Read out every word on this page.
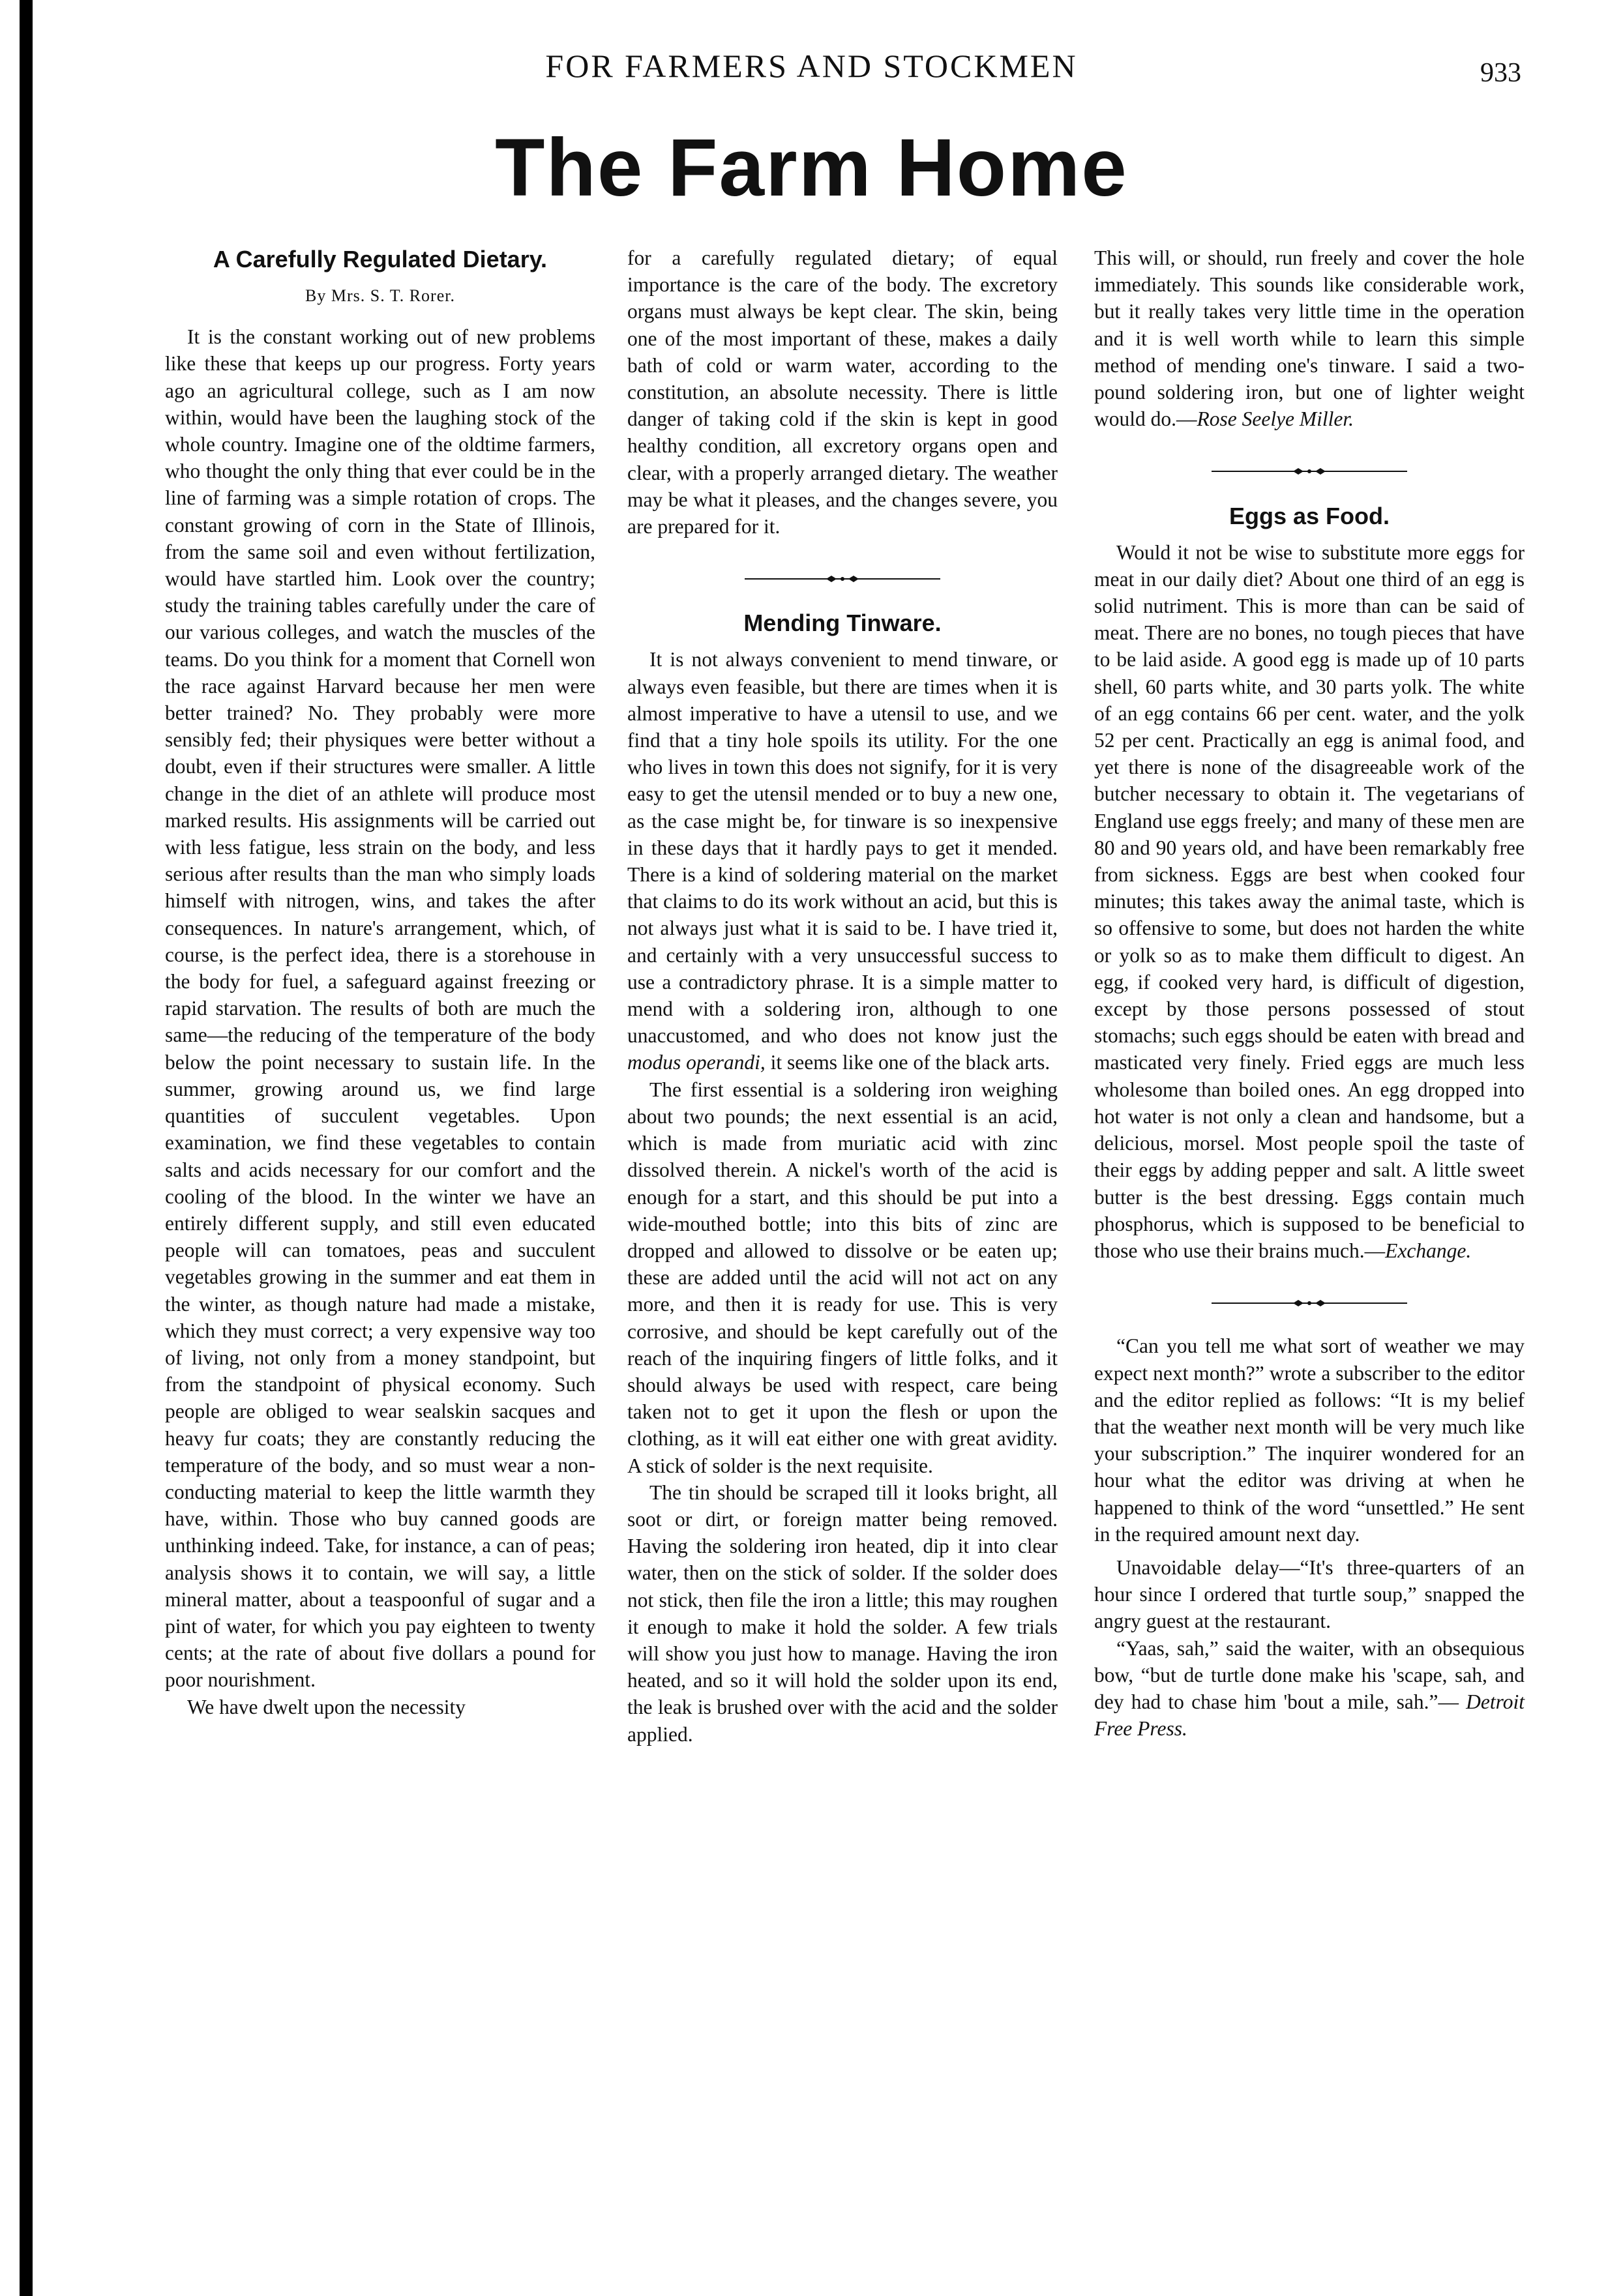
FOR FARMERS AND STOCKMEN	933
The Farm Home
A Carefully Regulated Dietary.
By Mrs. S. T. Rorer.

It is the constant working out of new problems like these that keeps up our progress. Forty years ago an agricultural college, such as I am now within, would have been the laughing stock of the whole country. Imagine one of the oldtime farmers, who thought the only thing that ever could be in the line of farming was a simple rotation of crops. The constant growing of corn in the State of Illinois, from the same soil and even without fertilization, would have startled him. Look over the country; study the training tables carefully under the care of our various colleges, and watch the muscles of the teams. Do you think for a moment that Cornell won the race against Harvard because her men were better trained? No. They probably were more sensibly fed; their physiques were better without a doubt, even if their structures were smaller. A little change in the diet of an athlete will produce most marked results. His assignments will be carried out with less fatigue, less strain on the body, and less serious after results than the man who simply loads himself with nitrogen, wins, and takes the after consequences. In nature's arrangement, which, of course, is the perfect idea, there is a storehouse in the body for fuel, a safeguard against freezing or rapid starvation. The results of both are much the same—the reducing of the temperature of the body below the point necessary to sustain life. In the summer, growing around us, we find large quantities of succulent vegetables. Upon examination, we find these vegetables to contain salts and acids necessary for our comfort and the cooling of the blood. In the winter we have an entirely different supply, and still even educated people will can tomatoes, peas and succulent vegetables growing in the summer and eat them in the winter, as though nature had made a mistake, which they must correct; a very expensive way too of living, not only from a money standpoint, but from the standpoint of physical economy. Such people are obliged to wear sealskin sacques and heavy fur coats; they are constantly reducing the temperature of the body, and so must wear a non-conducting material to keep the little warmth they have, within. Those who buy canned goods are unthinking indeed. Take, for instance, a can of peas; analysis shows it to contain, we will say, a little mineral matter, about a teaspoonful of sugar and a pint of water, for which you pay eighteen to twenty cents; at the rate of about five dollars a pound for poor nourishment.

We have dwelt upon the necessity

for a carefully regulated dietary; of equal importance is the care of the body. The excretory organs must always be kept clear. The skin, being one of the most important of these, makes a daily bath of cold or warm water, according to the constitution, an absolute necessity. There is little danger of taking cold if the skin is kept in good healthy condition, all excretory organs open and clear, with a properly arranged dietary. The weather may be what it pleases, and the changes severe, you are prepared for it.

Mending Tinware.

It is not always convenient to mend tinware, or always even feasible, but there are times when it is almost imperative to have a utensil to use, and we find that a tiny hole spoils its utility. For the one who lives in town this does not signify, for it is very easy to get the utensil mended or to buy a new one, as the case might be, for tinware is so inexpensive in these days that it hardly pays to get it mended. There is a kind of soldering material on the market that claims to do its work without an acid, but this is not always just what it is said to be. I have tried it, and certainly with a very unsuccessful success to use a contradictory phrase. It is a simple matter to mend with a soldering iron, although to one unaccustomed, and who does not know just the modus operandi, it seems like one of the black arts.

The first essential is a soldering iron weighing about two pounds; the next essential is an acid, which is made from muriatic acid with zinc dissolved therein. A nickel's worth of the acid is enough for a start, and this should be put into a wide-mouthed bottle; into this bits of zinc are dropped and allowed to dissolve or be eaten up; these are added until the acid will not act on any more, and then it is ready for use. This is very corrosive, and should be kept carefully out of the reach of the inquiring fingers of little folks, and it should always be used with respect, care being taken not to get it upon the flesh or upon the clothing, as it will eat either one with great avidity. A stick of solder is the next requisite.

The tin should be scraped till it looks bright, all soot or dirt, or foreign matter being removed. Having the soldering iron heated, dip it into clear water, then on the stick of solder. If the solder does not stick, then file the iron a little; this may roughen it enough to make it hold the solder. A few trials will show you just how to manage. Having the iron heated, and so it will hold the solder upon its end, the leak is brushed over with the acid and the solder applied.

This will, or should, run freely and cover the hole immediately. This sounds like considerable work, but it really takes very little time in the operation and it is well worth while to learn this simple method of mending one's tinware. I said a two-pound soldering iron, but one of lighter weight would do.—Rose Seelye Miller.

Eggs as Food.

Would it not be wise to substitute more eggs for meat in our daily diet? About one third of an egg is solid nutriment. This is more than can be said of meat. There are no bones, no tough pieces that have to be laid aside. A good egg is made up of 10 parts shell, 60 parts white, and 30 parts yolk. The white of an egg contains 66 per cent. water, and the yolk 52 per cent. Practically an egg is animal food, and yet there is none of the disagreeable work of the butcher necessary to obtain it. The vegetarians of England use eggs freely; and many of these men are 80 and 90 years old, and have been remarkably free from sickness. Eggs are best when cooked four minutes; this takes away the animal taste, which is so offensive to some, but does not harden the white or yolk so as to make them difficult to digest. An egg, if cooked very hard, is difficult of digestion, except by those persons possessed of stout stomachs; such eggs should be eaten with bread and masticated very finely. Fried eggs are much less wholesome than boiled ones. An egg dropped into hot water is not only a clean and handsome, but a delicious, morsel. Most people spoil the taste of their eggs by adding pepper and salt. A little sweet butter is the best dressing. Eggs contain much phosphorus, which is supposed to be beneficial to those who use their brains much.—Exchange.

“Can you tell me what sort of weather we may expect next month?” wrote a subscriber to the editor and the editor replied as follows: “It is my belief that the weather next month will be very much like your subscription.” The inquirer wondered for an hour what the editor was driving at when he happened to think of the word “unsettled.” He sent in the required amount next day.

Unavoidable delay—“It's three-quarters of an hour since I ordered that turtle soup,” snapped the angry guest at the restaurant.

“Yaas, sah,” said the waiter, with an obsequious bow, “but de turtle done make his 'scape, sah, and dey had to chase him 'bout a mile, sah.”— Detroit Free Press.
